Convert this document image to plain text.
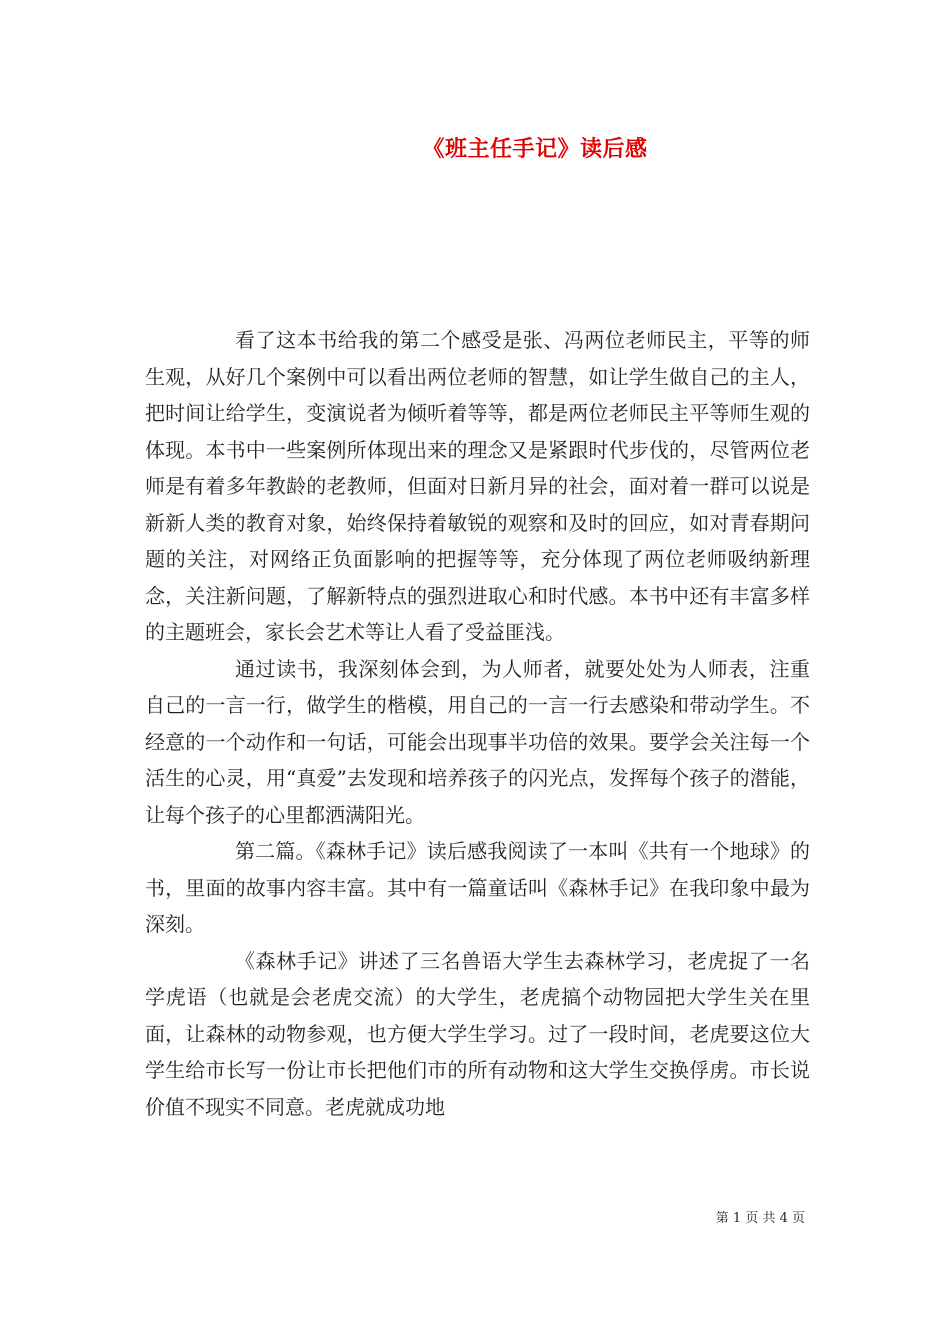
《班主任手记》读后感

看了这本书给我的第二个感受是张、冯两位老师民主，平等的师生观，从好几个案例中可以看出两位老师的智慧，如让学生做自己的主人，把时间让给学生，变演说者为倾听着等等，都是两位老师民主平等师生观的体现。本书中一些案例所体现出来的理念又是紧跟时代步伐的，尽管两位老师是有着多年教龄的老教师，但面对日新月异的社会，面对着一群可以说是新新人类的教育对象，始终保持着敏锐的观察和及时的回应，如对青春期问题的关注，对网络正负面影响的把握等等，充分体现了两位老师吸纳新理念，关注新问题，了解新特点的强烈进取心和时代感。本书中还有丰富多样的主题班会，家长会艺术等让人看了受益匪浅。

通过读书，我深刻体会到，为人师者，就要处处为人师表，注重自己的一言一行，做学生的楷模，用自己的一言一行去感染和带动学生。不经意的一个动作和一句话，可能会出现事半功倍的效果。要学会关注每一个活生的心灵，用“真爱”去发现和培养孩子的闪光点，发挥每个孩子的潜能，让每个孩子的心里都洒满阳光。

第二篇。《森林手记》读后感我阅读了一本叫《共有一个地球》的书，里面的故事内容丰富。其中有一篇童话叫《森林手记》在我印象中最为深刻。

《森林手记》讲述了三名兽语大学生去森林学习，老虎捉了一名学虎语（也就是会老虎交流）的大学生，老虎搞个动物园把大学生关在里面，让森林的动物参观，也方便大学生学习。过了一段时间，老虎要这位大学生给市长写一份让市长把他们市的所有动物和这大学生交换俘虏。市长说价值不现实不同意。老虎就成功地

第 1 页 共 4 页
